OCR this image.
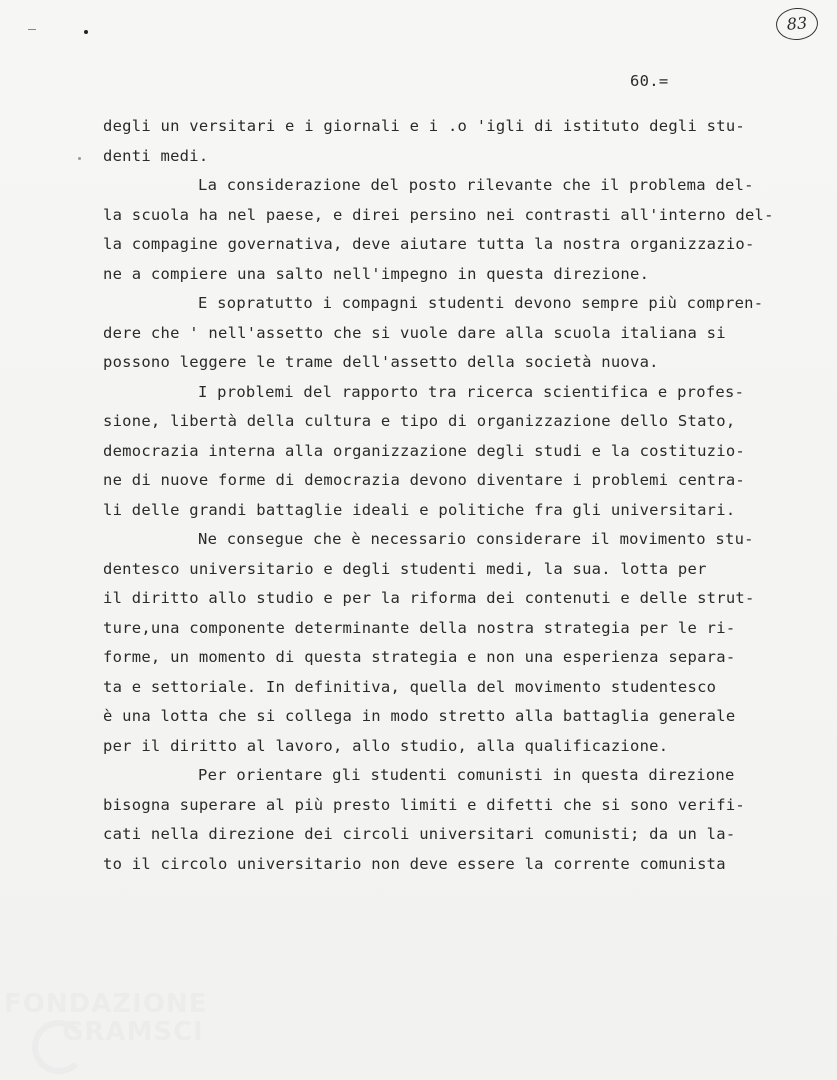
83
60.=
degli un versitari e i giornali e i .o 'igli di istituto degli stu-
denti medi.
La considerazione del posto rilevante che il problema del-
la scuola ha nel paese, e direi persino nei contrasti all'interno del-
la compagine governativa, deve aiutare tutta la nostra organizzazio-
ne a compiere una salto nell'impegno in questa direzione.
E sopratutto i compagni studenti devono sempre più compren-
dere che ' nell'assetto che si vuole dare alla scuola italiana si
possono leggere le trame dell'assetto della società nuova.
I problemi del rapporto tra ricerca scientifica e profes-
sione, libertà della cultura e tipo di organizzazione dello Stato,
democrazia interna alla organizzazione degli studi e la costituzio-
ne di nuove forme di democrazia devono diventare i problemi centra-
li delle grandi battaglie ideali e politiche fra gli universitari.
Ne consegue che è necessario considerare il movimento stu-
dentesco universitario e degli studenti medi, la sua. lotta per
il diritto allo studio e per la riforma dei contenuti e delle strut-
ture,una componente determinante della nostra strategia per le ri-
forme, un momento di questa strategia e non una esperienza separa-
ta e settoriale. In definitiva, quella del movimento studentesco
è una lotta che si collega in modo stretto alla battaglia generale
per il diritto al lavoro, allo studio, alla qualificazione.
Per orientare gli studenti comunisti in questa direzione
bisogna superare al più presto limiti e difetti che si sono verifi-
cati nella direzione dei circoli universitari comunisti; da un la-
to il circolo universitario non deve essere la corrente comunista
FONDAZIONE
GRAMSCI
